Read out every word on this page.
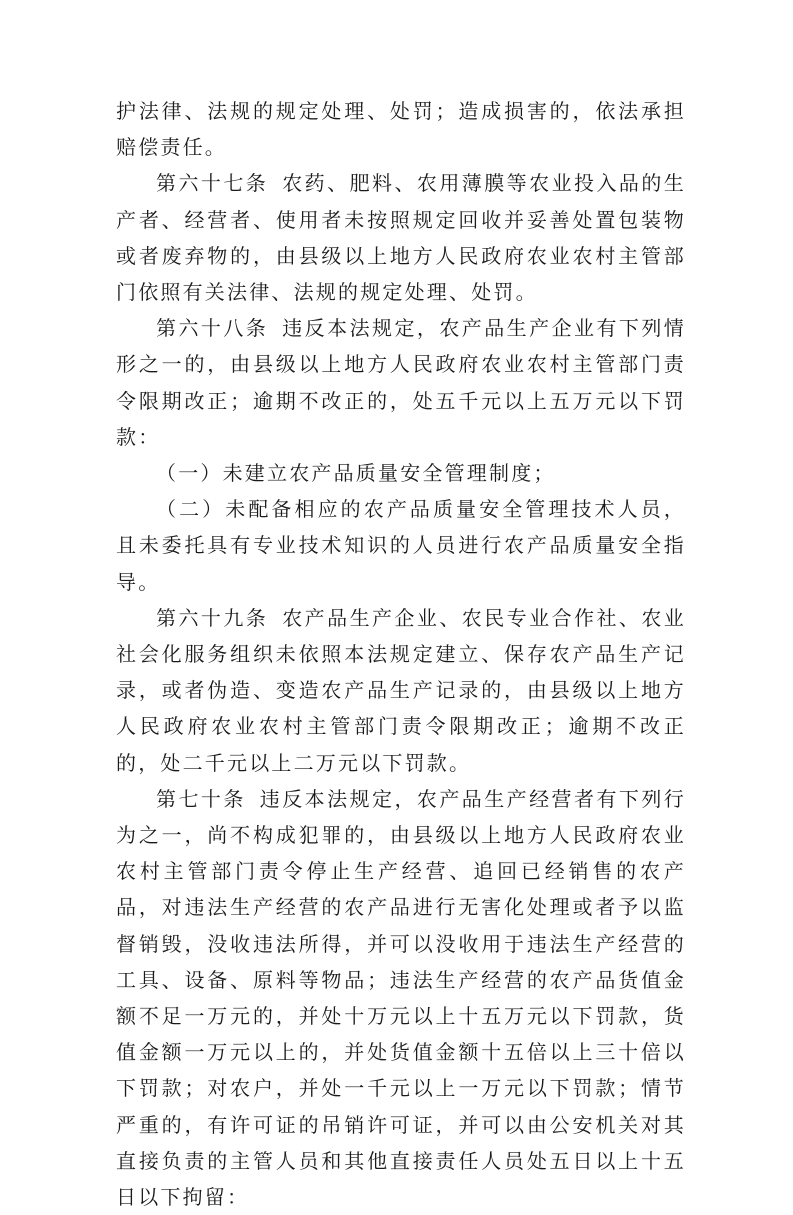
护法律、法规的规定处理、处罚；造成损害的，依法承担赔偿责任。

第六十七条 农药、肥料、农用薄膜等农业投入品的生产者、经营者、使用者未按照规定回收并妥善处置包装物或者废弃物的，由县级以上地方人民政府农业农村主管部门依照有关法律、法规的规定处理、处罚。

第六十八条 违反本法规定，农产品生产企业有下列情形之一的，由县级以上地方人民政府农业农村主管部门责令限期改正；逾期不改正的，处五千元以上五万元以下罚款：

（一）未建立农产品质量安全管理制度；

（二）未配备相应的农产品质量安全管理技术人员，且未委托具有专业技术知识的人员进行农产品质量安全指导。

第六十九条 农产品生产企业、农民专业合作社、农业社会化服务组织未依照本法规定建立、保存农产品生产记录，或者伪造、变造农产品生产记录的，由县级以上地方人民政府农业农村主管部门责令限期改正；逾期不改正的，处二千元以上二万元以下罚款。

第七十条 违反本法规定，农产品生产经营者有下列行为之一，尚不构成犯罪的，由县级以上地方人民政府农业农村主管部门责令停止生产经营、追回已经销售的农产品，对违法生产经营的农产品进行无害化处理或者予以监督销毁，没收违法所得，并可以没收用于违法生产经营的工具、设备、原料等物品；违法生产经营的农产品货值金额不足一万元的，并处十万元以上十五万元以下罚款，货值金额一万元以上的，并处货值金额十五倍以上三十倍以下罚款；对农户，并处一千元以上一万元以下罚款；情节严重的，有许可证的吊销许可证，并可以由公安机关对其直接负责的主管人员和其他直接责任人员处五日以上十五日以下拘留：
